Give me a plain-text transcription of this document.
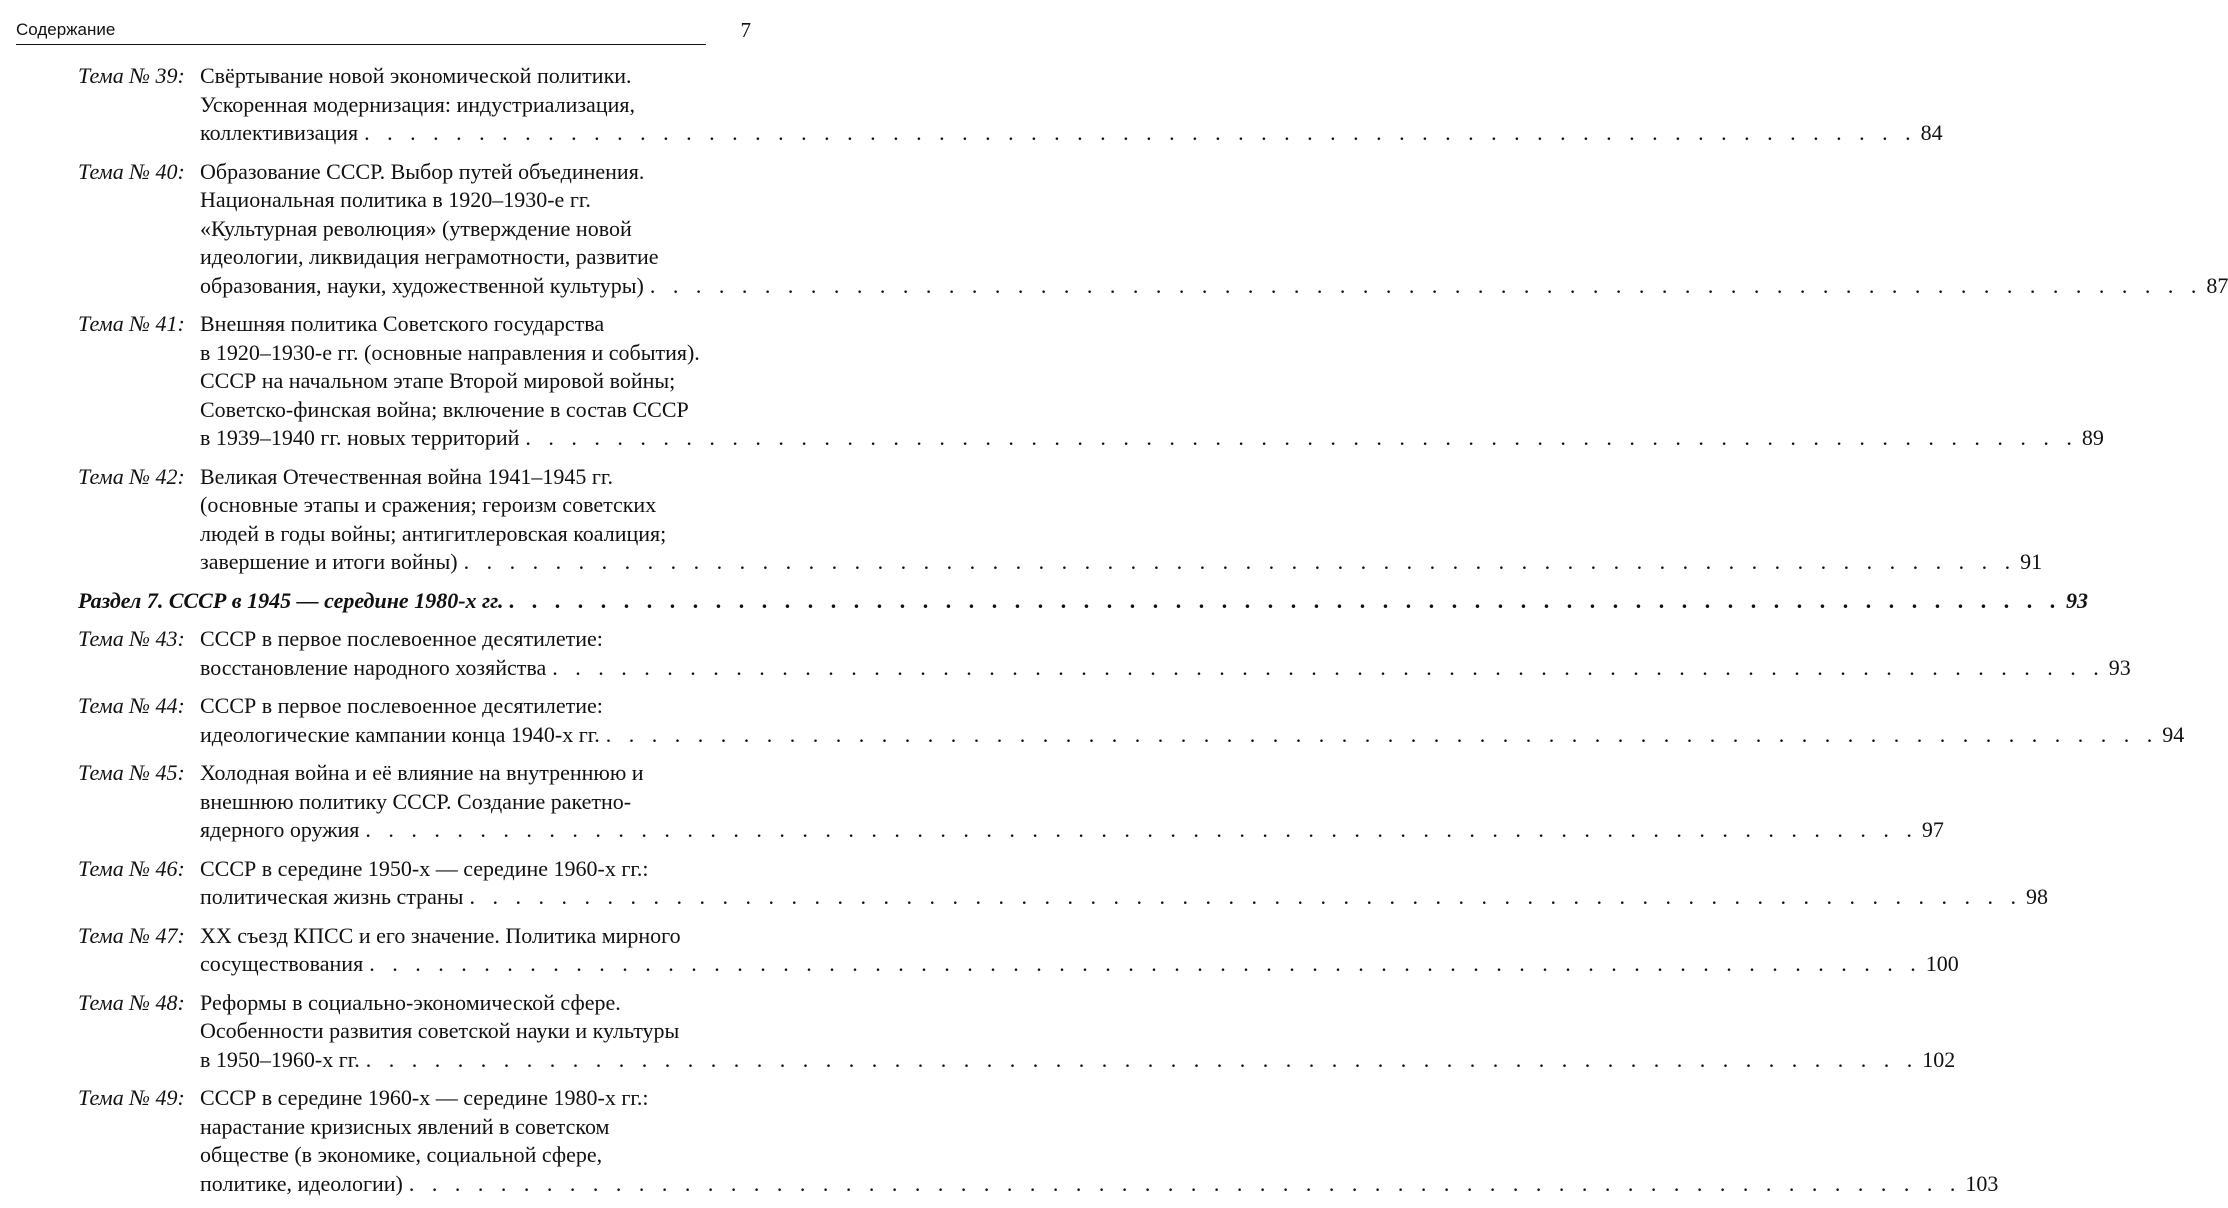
Содержание	7
Тема № 39: Свёртывание новой экономической политики.
Ускоренная модернизация: индустриализация,
коллективизация . . .	84
Тема № 40: Образование СССР. Выбор путей объединения.
Национальная политика в 1920–1930-е гг.
«Культурная революция» (утверждение новой
идеологии, ликвидация неграмотности, развитие
образования, науки, художественной культуры) . . .	87
Тема № 41: Внешняя политика Советского государства
в 1920–1930-е гг. (основные направления и события).
СССР на начальном этапе Второй мировой войны;
Советско-финская война; включение в состав СССР
в 1939–1940 гг. новых территорий . . .	89
Тема № 42: Великая Отечественная война 1941–1945 гг.
(основные этапы и сражения; героизм советских
людей в годы войны; антигитлеровская коалиция;
завершение и итоги войны) . . .	91
Раздел 7. СССР в 1945 — середине 1980-х гг. . . .	93
Тема № 43: СССР в первое послевоенное десятилетие:
восстановление народного хозяйства . . .	93
Тема № 44: СССР в первое послевоенное десятилетие:
идеологические кампании конца 1940-х гг. . . .	94
Тема № 45: Холодная война и её влияние на внутреннюю и
внешнюю политику СССР. Создание ракетно-
ядерного оружия . . .	97
Тема № 46: СССР в середине 1950-х — середине 1960-х гг.:
политическая жизнь страны . . .	98
Тема № 47: XX съезд КПСС и его значение. Политика мирного
сосуществования . . .	100
Тема № 48: Реформы в социально-экономической сфере.
Особенности развития советской науки и культуры
в 1950–1960-х гг. . . .	102
Тема № 49: СССР в середине 1960-х — середине 1980-х гг.:
нарастание кризисных явлений в советском
обществе (в экономике, социальной сфере,
политике, идеологии) . . .	103
